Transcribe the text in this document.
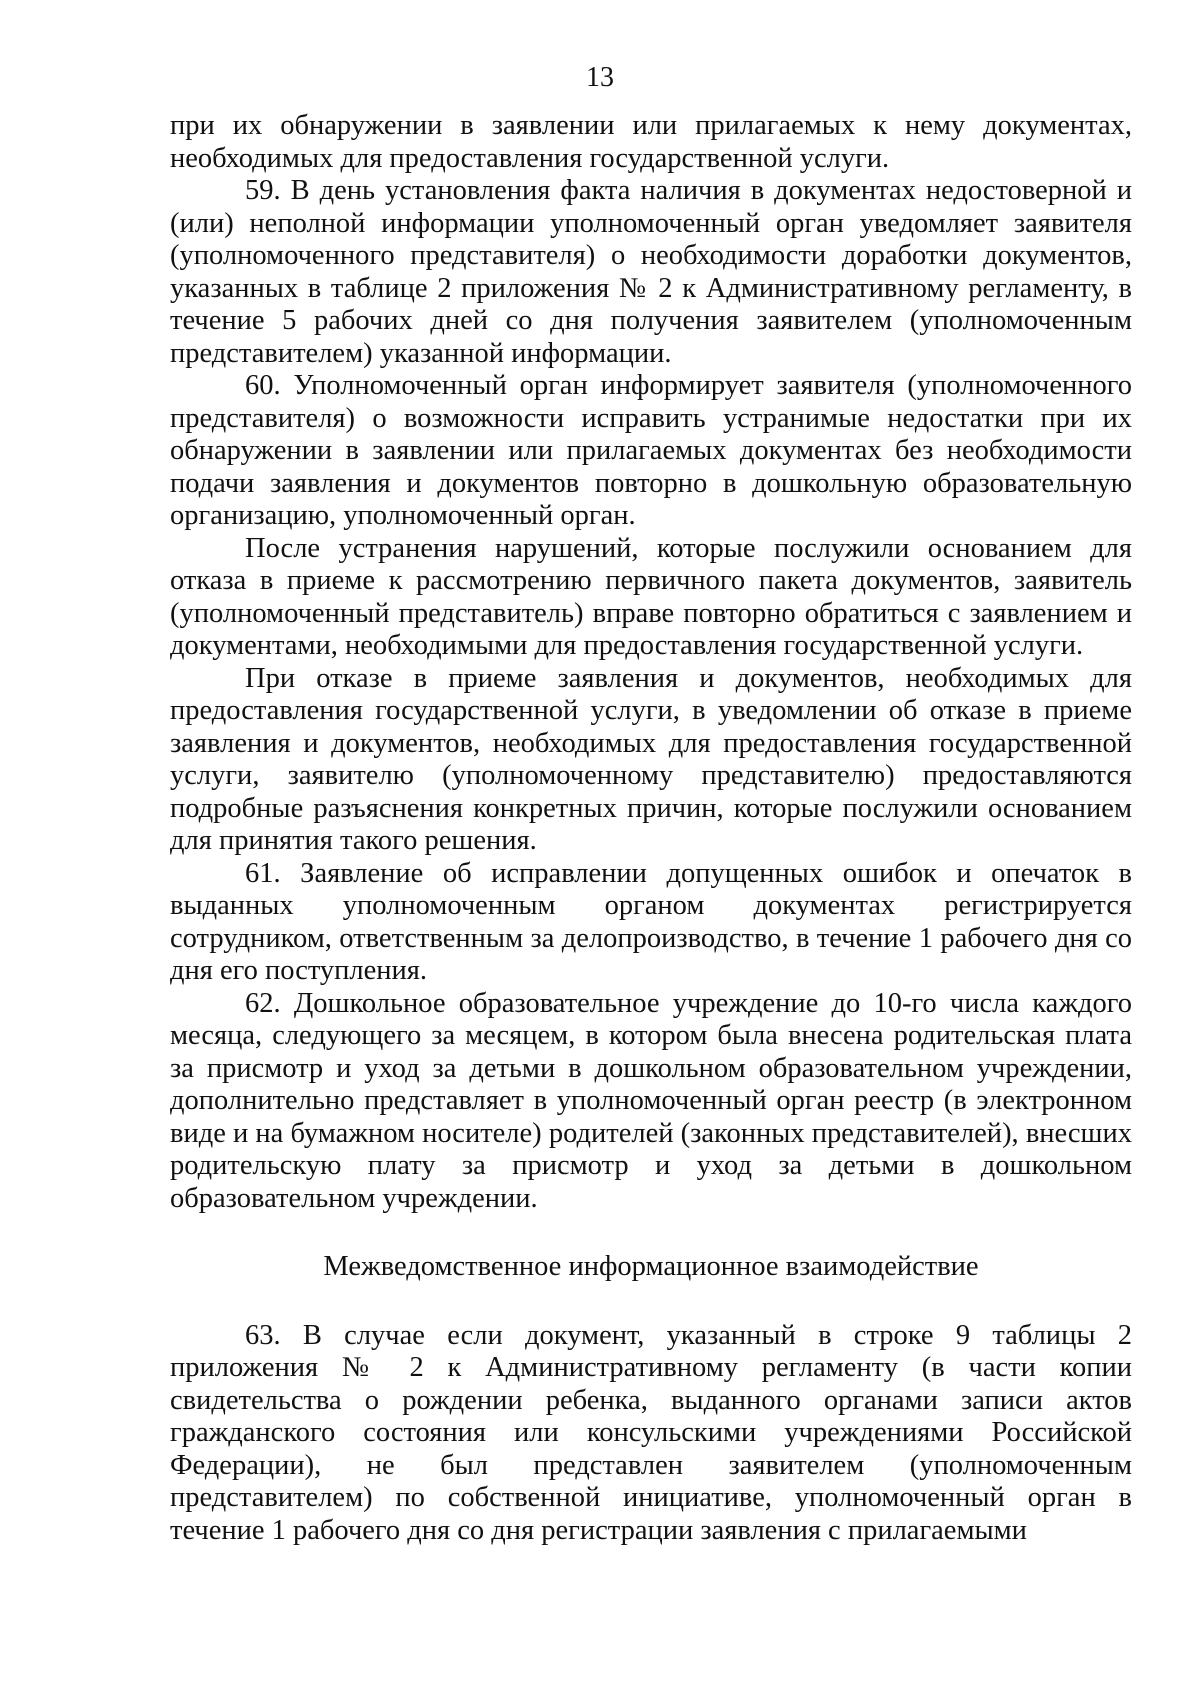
13

при их обнаружении в заявлении или прилагаемых к нему документах, необходимых для предоставления государственной услуги.

59. В день установления факта наличия в документах недостоверной и (или) неполной информации уполномоченный орган уведомляет заявителя (уполномоченного представителя) о необходимости доработки документов, указанных в таблице 2 приложения № 2 к Административному регламенту, в течение 5 рабочих дней со дня получения заявителем (уполномоченным представителем) указанной информации.

60. Уполномоченный орган информирует заявителя (уполномоченного представителя) о возможности исправить устранимые недостатки при их обнаружении в заявлении или прилагаемых документах без необходимости подачи заявления и документов повторно в дошкольную образовательную организацию, уполномоченный орган.

После устранения нарушений, которые послужили основанием для отказа в приеме к рассмотрению первичного пакета документов, заявитель (уполномоченный представитель) вправе повторно обратиться с заявлением и документами, необходимыми для предоставления государственной услуги.

При отказе в приеме заявления и документов, необходимых для предоставления государственной услуги, в уведомлении об отказе в приеме заявления и документов, необходимых для предоставления государственной услуги, заявителю (уполномоченному представителю) предоставляются подробные разъяснения конкретных причин, которые послужили основанием для принятия такого решения.

61. Заявление об исправлении допущенных ошибок и опечаток в выданных уполномоченным органом документах регистрируется сотрудником, ответственным за делопроизводство, в течение 1 рабочего дня со дня его поступления.

62. Дошкольное образовательное учреждение до 10-го числа каждого месяца, следующего за месяцем, в котором была внесена родительская плата за присмотр и уход за детьми в дошкольном образовательном учреждении, дополнительно представляет в уполномоченный орган реестр (в электронном виде и на бумажном носителе) родителей (законных представителей), внесших родительскую плату за присмотр и уход за детьми в дошкольном образовательном учреждении.

Межведомственное информационное взаимодействие

63. В случае если документ, указанный в строке 9 таблицы 2 приложения № 2 к Административному регламенту (в части копии свидетельства о рождении ребенка, выданного органами записи актов гражданского состояния или консульскими учреждениями Российской Федерации), не был представлен заявителем (уполномоченным представителем) по собственной инициативе, уполномоченный орган в течение 1 рабочего дня со дня регистрации заявления с прилагаемыми
